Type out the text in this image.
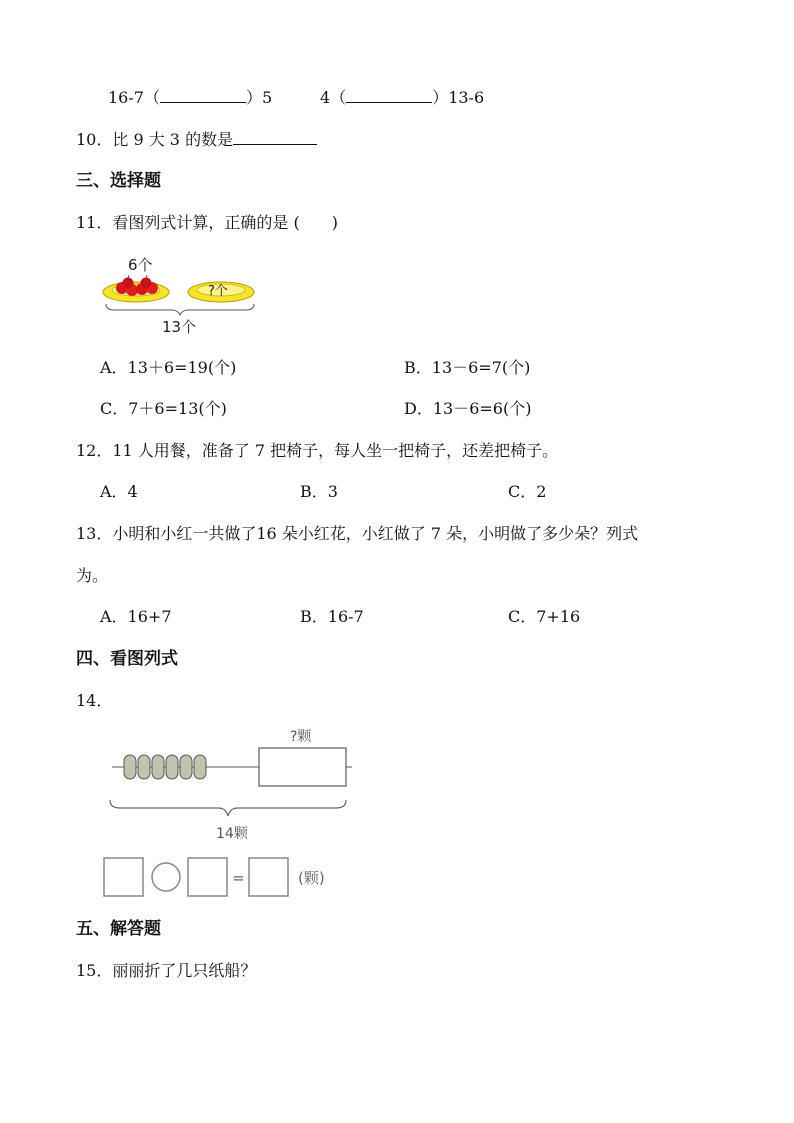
16-7（	）5	4（	）13-6
10．比 9 大 3 的数是
三、选择题
11．看图列式计算，正确的是 (　　)
6个
?个
13个
A．13＋6=19(个)	B．13－6=7(个)
C．7＋6=13(个)	D．13－6=6(个)
12．11 人用餐，准备了 7 把椅子，每人坐一把椅子，还差把椅子。
A．4	B．3	C．2
13．小明和小红一共做了16 朵小红花，小红做了 7 朵，小明做了多少朵？列式
为。
A．16+7	B．16-7	C．7+16
四、看图列式
14．
?颗
14颗
=	(颗)
五、解答题
15．丽丽折了几只纸船？
